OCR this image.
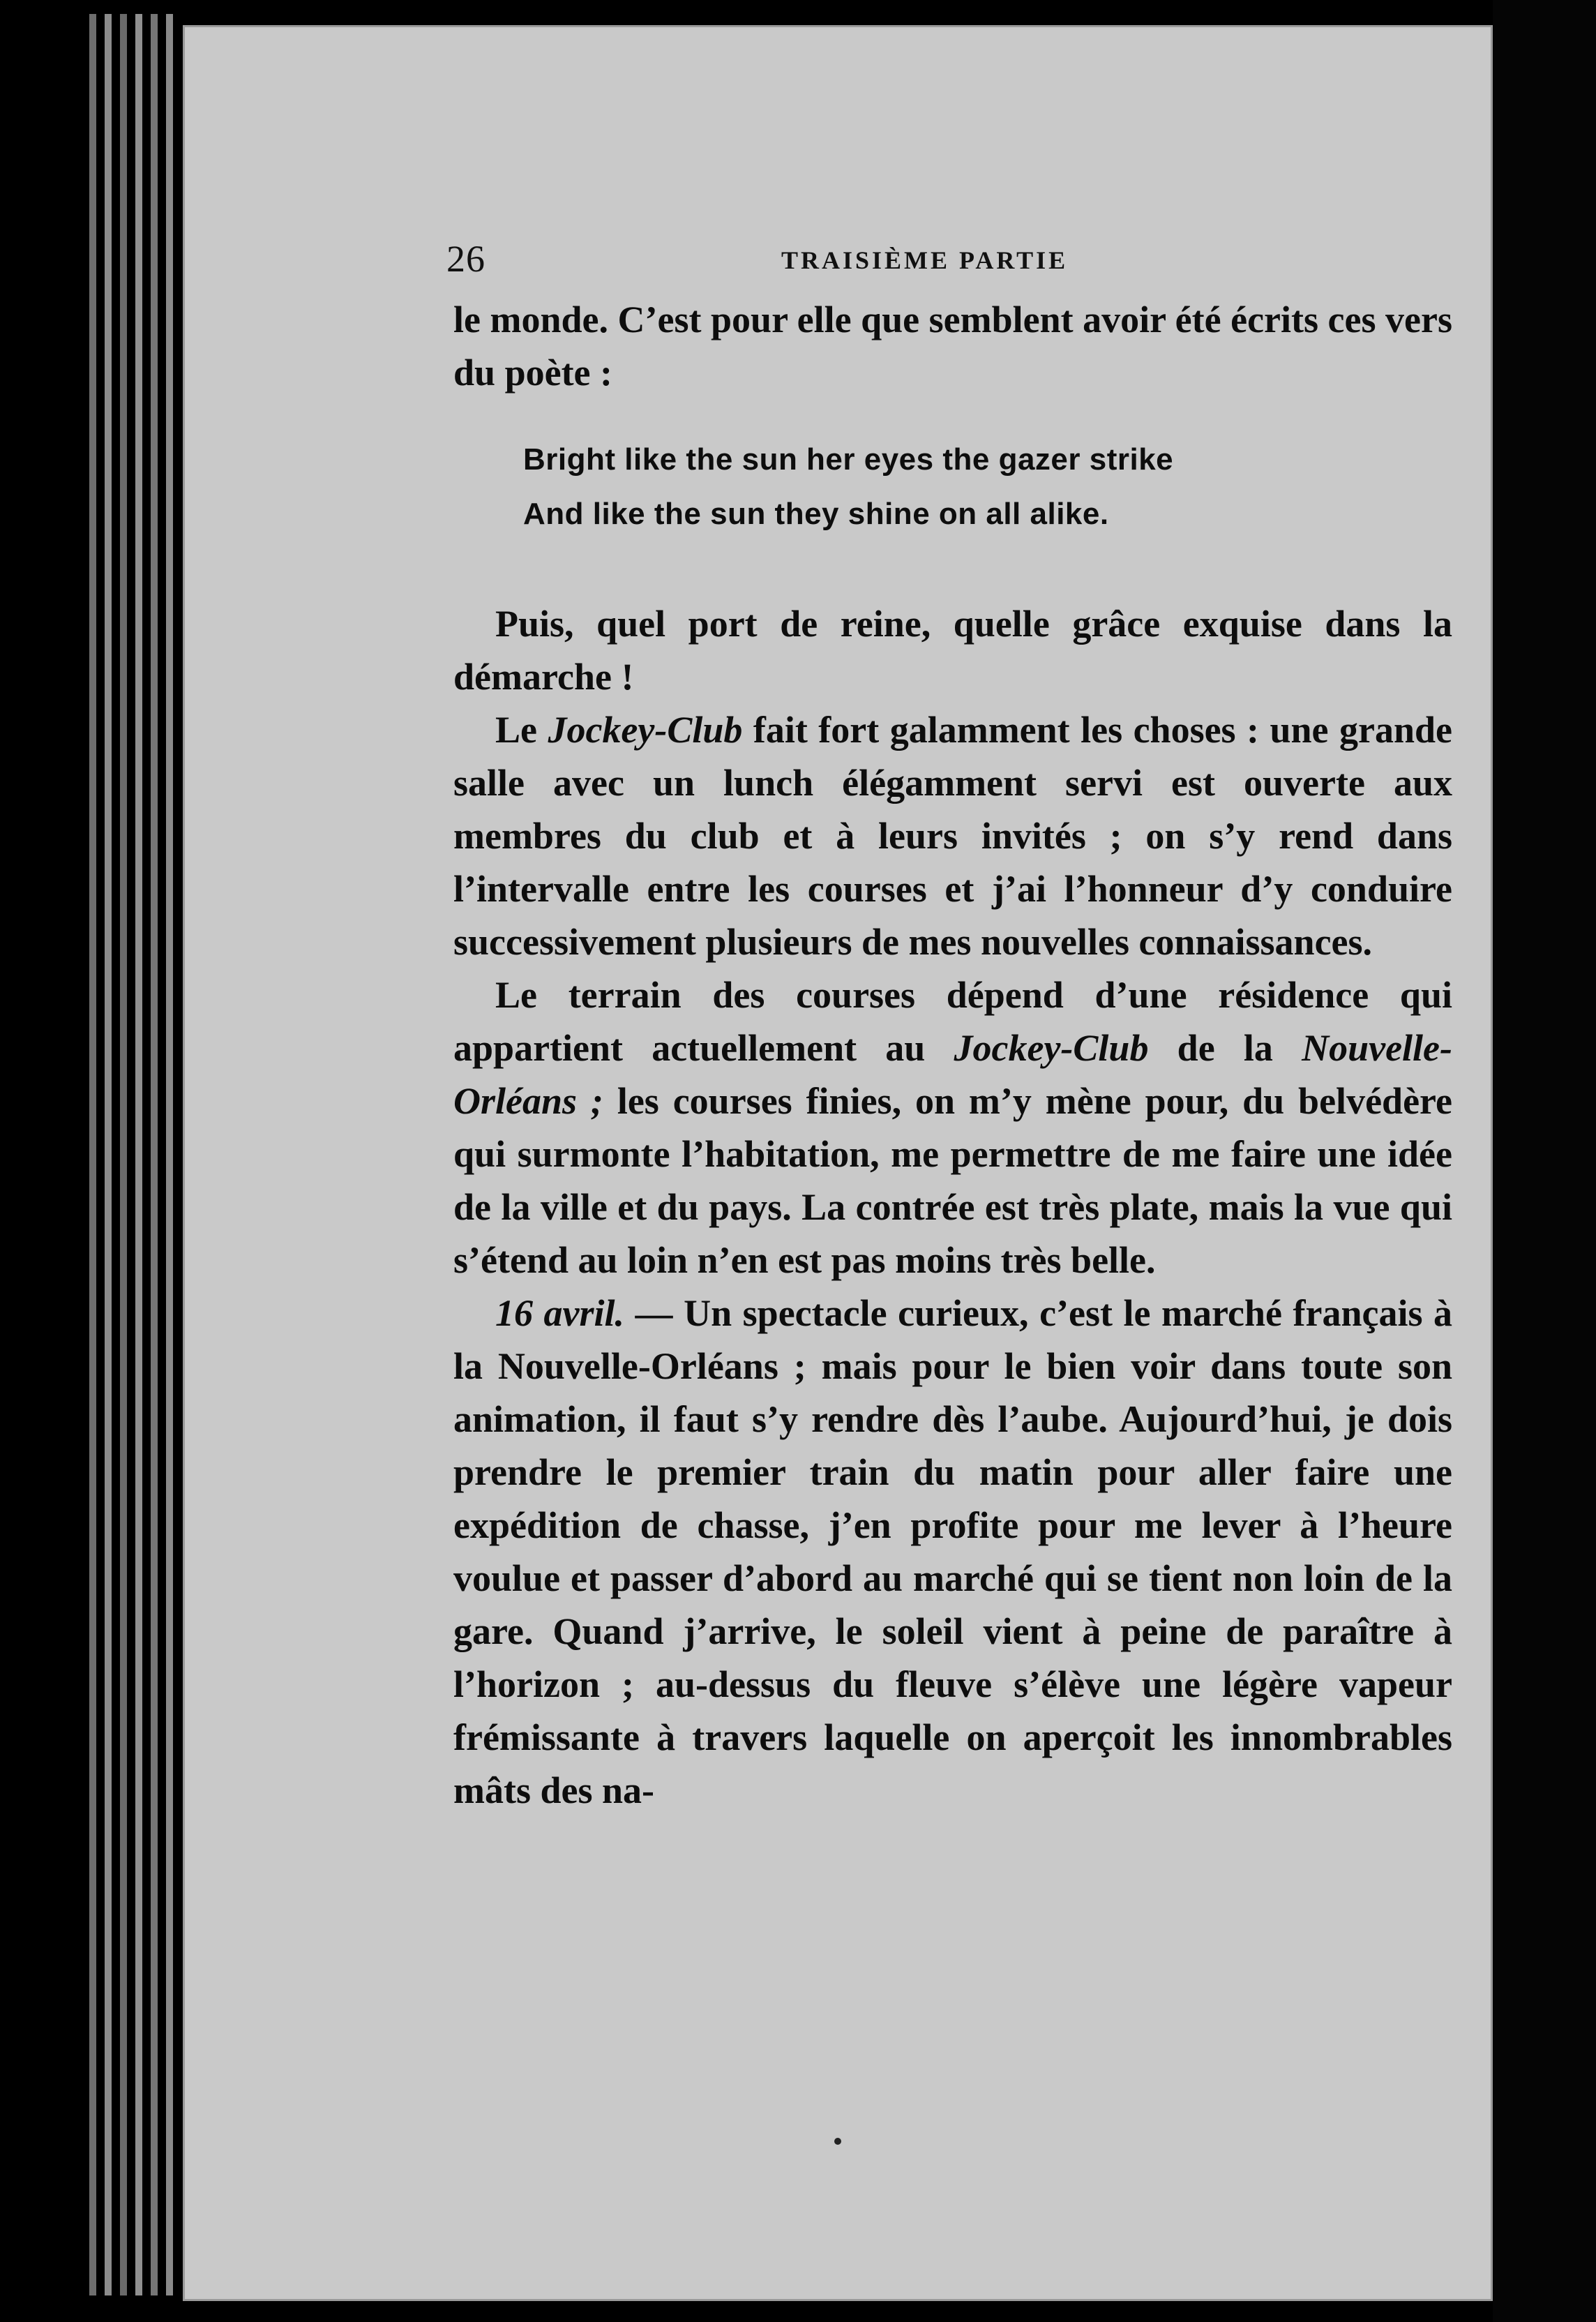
26	TRAISIÈME PARTIE

le monde. C’est pour elle que semblent avoir été écrits ces vers du poète :

Bright like the sun her eyes the gazer strike
And like the sun they shine on all alike.

Puis, quel port de reine, quelle grâce exquise dans la démarche !

Le Jockey-Club fait fort galamment les choses : une grande salle avec un lunch élégamment servi est ouverte aux membres du club et à leurs invités ; on s’y rend dans l’intervalle entre les courses et j’ai l’honneur d’y conduire successivement plusieurs de mes nouvelles connaissances.

Le terrain des courses dépend d’une résidence qui appartient actuellement au Jockey-Club de la Nouvelle-Orléans ; les courses finies, on m’y mène pour, du belvédère qui surmonte l’habitation, me permettre de me faire une idée de la ville et du pays. La contrée est très plate, mais la vue qui s’étend au loin n’en est pas moins très belle.

16 avril. — Un spectacle curieux, c’est le marché français à la Nouvelle-Orléans ; mais pour le bien voir dans toute son animation, il faut s’y rendre dès l’aube. Aujourd’hui, je dois prendre le premier train du matin pour aller faire une expédition de chasse, j’en profite pour me lever à l’heure voulue et passer d’abord au marché qui se tient non loin de la gare. Quand j’arrive, le soleil vient à peine de paraître à l’horizon ; au-dessus du fleuve s’élève une légère vapeur frémissante à travers laquelle on aperçoit les innombrables mâts des na-
